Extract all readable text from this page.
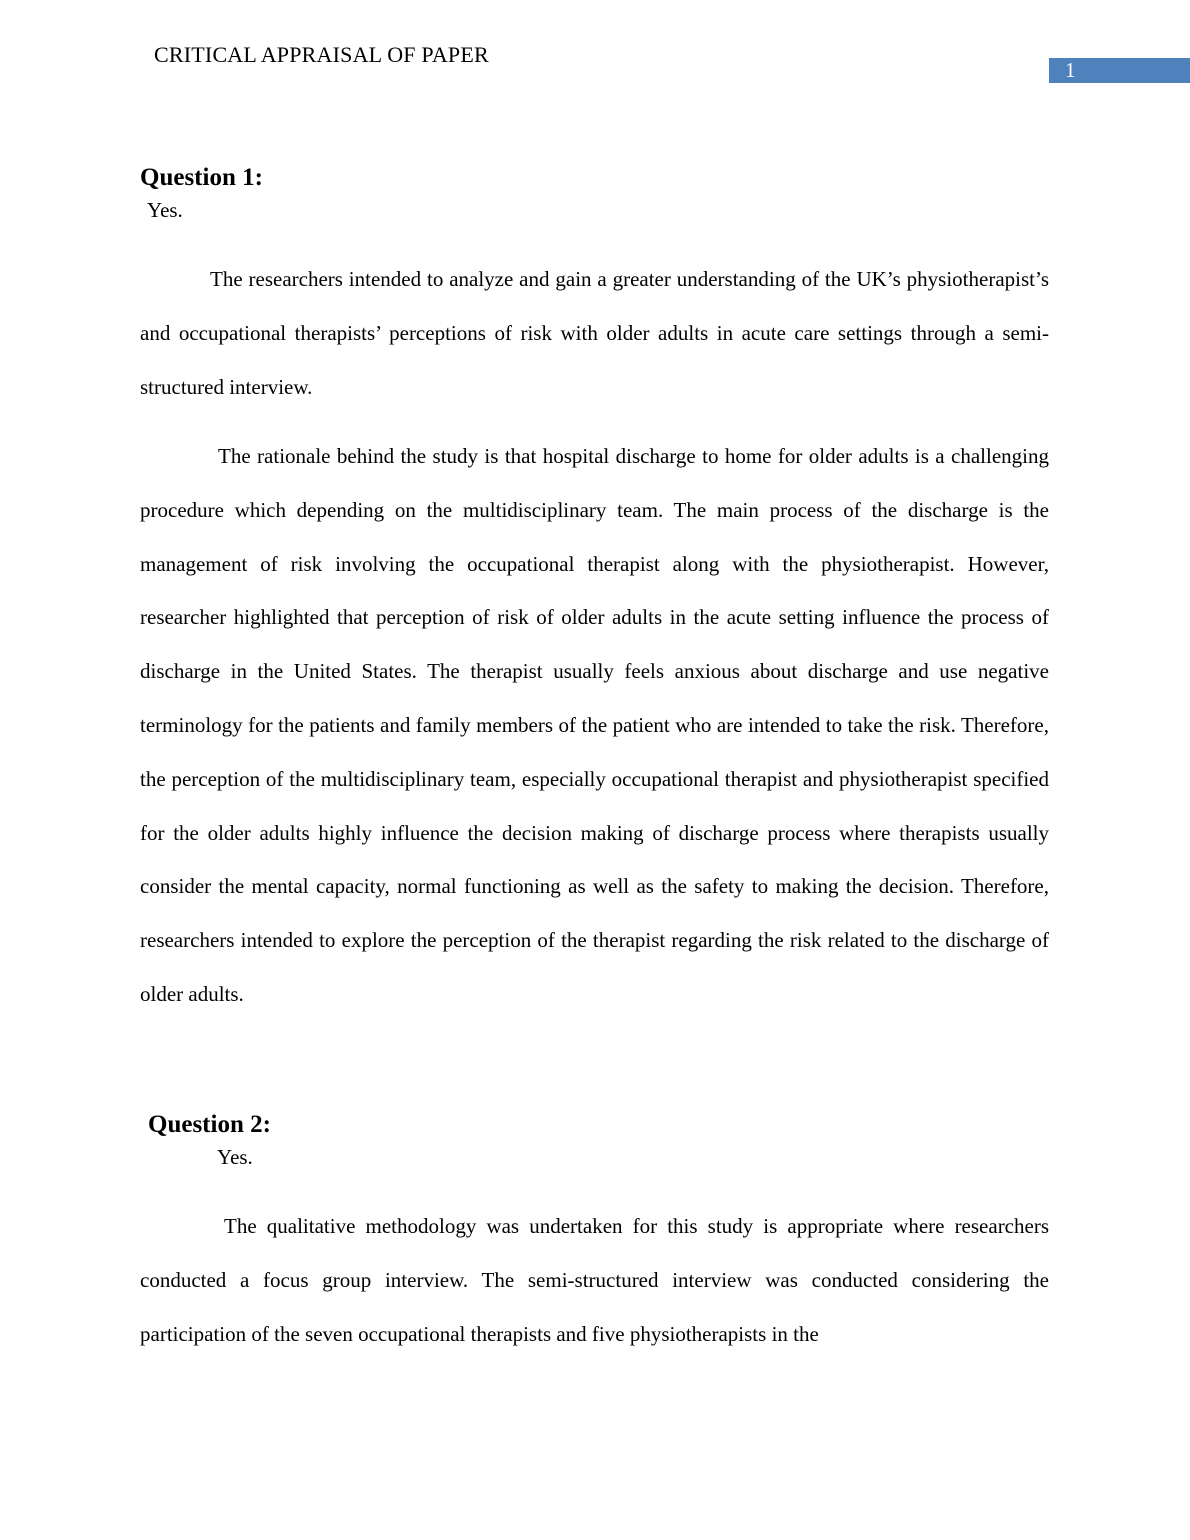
CRITICAL APPRAISAL OF PAPER
1
Question 1:
Yes.

The researchers intended to analyze and gain a greater understanding of the UK’s physiotherapist’s and occupational therapists’ perceptions of risk with older adults in acute care settings through a semi-structured interview.

The rationale behind the study is that hospital discharge to home for older adults is a challenging procedure which depending on the multidisciplinary team. The main process of the discharge is the management of risk involving the occupational therapist along with the physiotherapist. However, researcher highlighted that perception of risk of older adults in the acute setting influence the process of discharge in the United States. The therapist usually feels anxious about discharge and use negative terminology for the patients and family members of the patient who are intended to take the risk. Therefore, the perception of the multidisciplinary team, especially occupational therapist and physiotherapist specified for the older adults highly influence the decision making of discharge process where therapists usually consider the mental capacity, normal functioning as well as the safety to making the decision. Therefore, researchers intended to explore the perception of the therapist regarding the risk related to the discharge of older adults.

Question 2:
Yes.

The qualitative methodology was undertaken for this study is appropriate where researchers conducted a focus group interview. The semi-structured interview was conducted considering the participation of the seven occupational therapists and five physiotherapists in the
